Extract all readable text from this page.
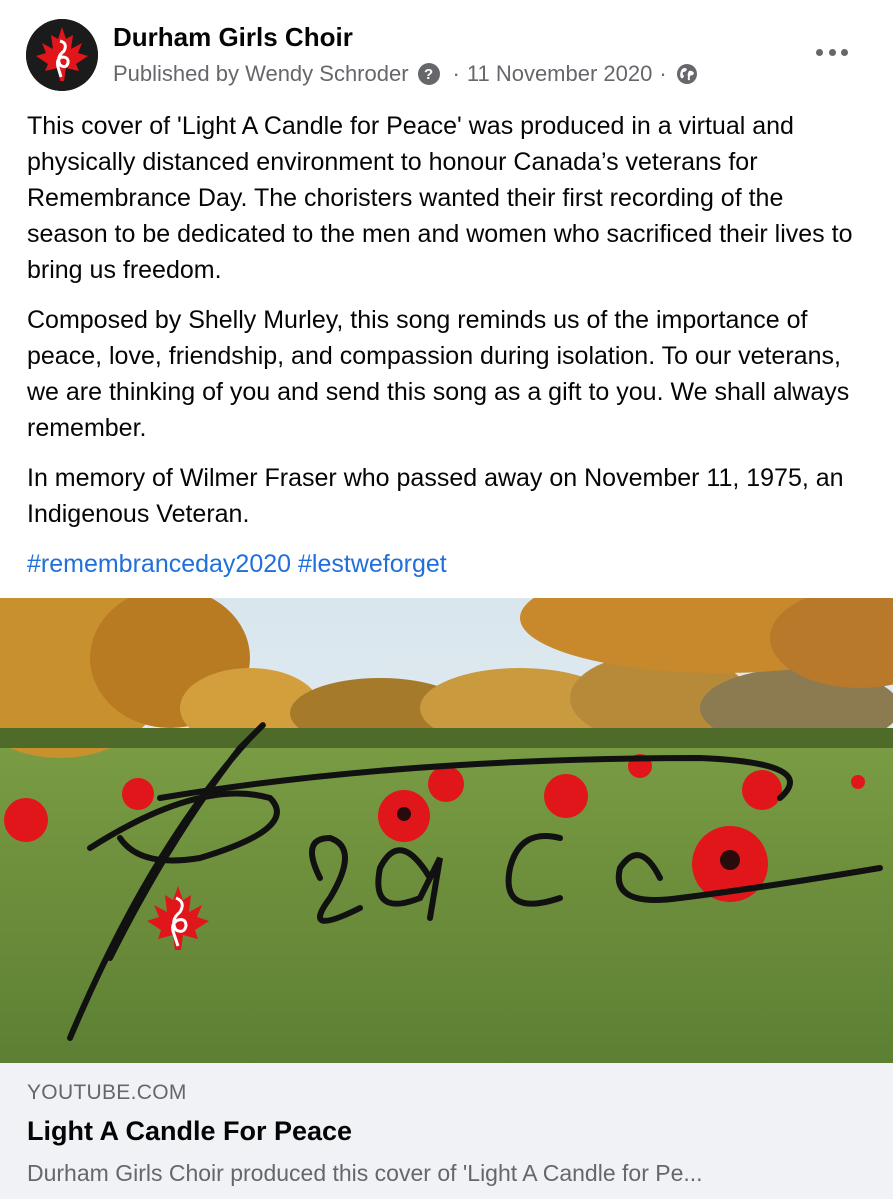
Durham Girls Choir
Published by Wendy Schroder	? · 11 November 2020 ·

This cover of 'Light A Candle for Peace' was produced in a virtual and physically distanced environment to honour Canada’s veterans for Remembrance Day. The choristers wanted their first recording of the season to be dedicated to the men and women who sacrificed their lives to bring us freedom.

Composed by Shelly Murley, this song reminds us of the importance of peace, love, friendship, and compassion during isolation. To our veterans, we are thinking of you and send this song as a gift to you. We shall always remember.

In memory of Wilmer Fraser who passed away on November 11, 1975, an Indigenous Veteran.

#remembranceday2020 #lestweforget

YOUTUBE.COM
Light A Candle For Peace
Durham Girls Choir produced this cover of 'Light A Candle for Pe...
